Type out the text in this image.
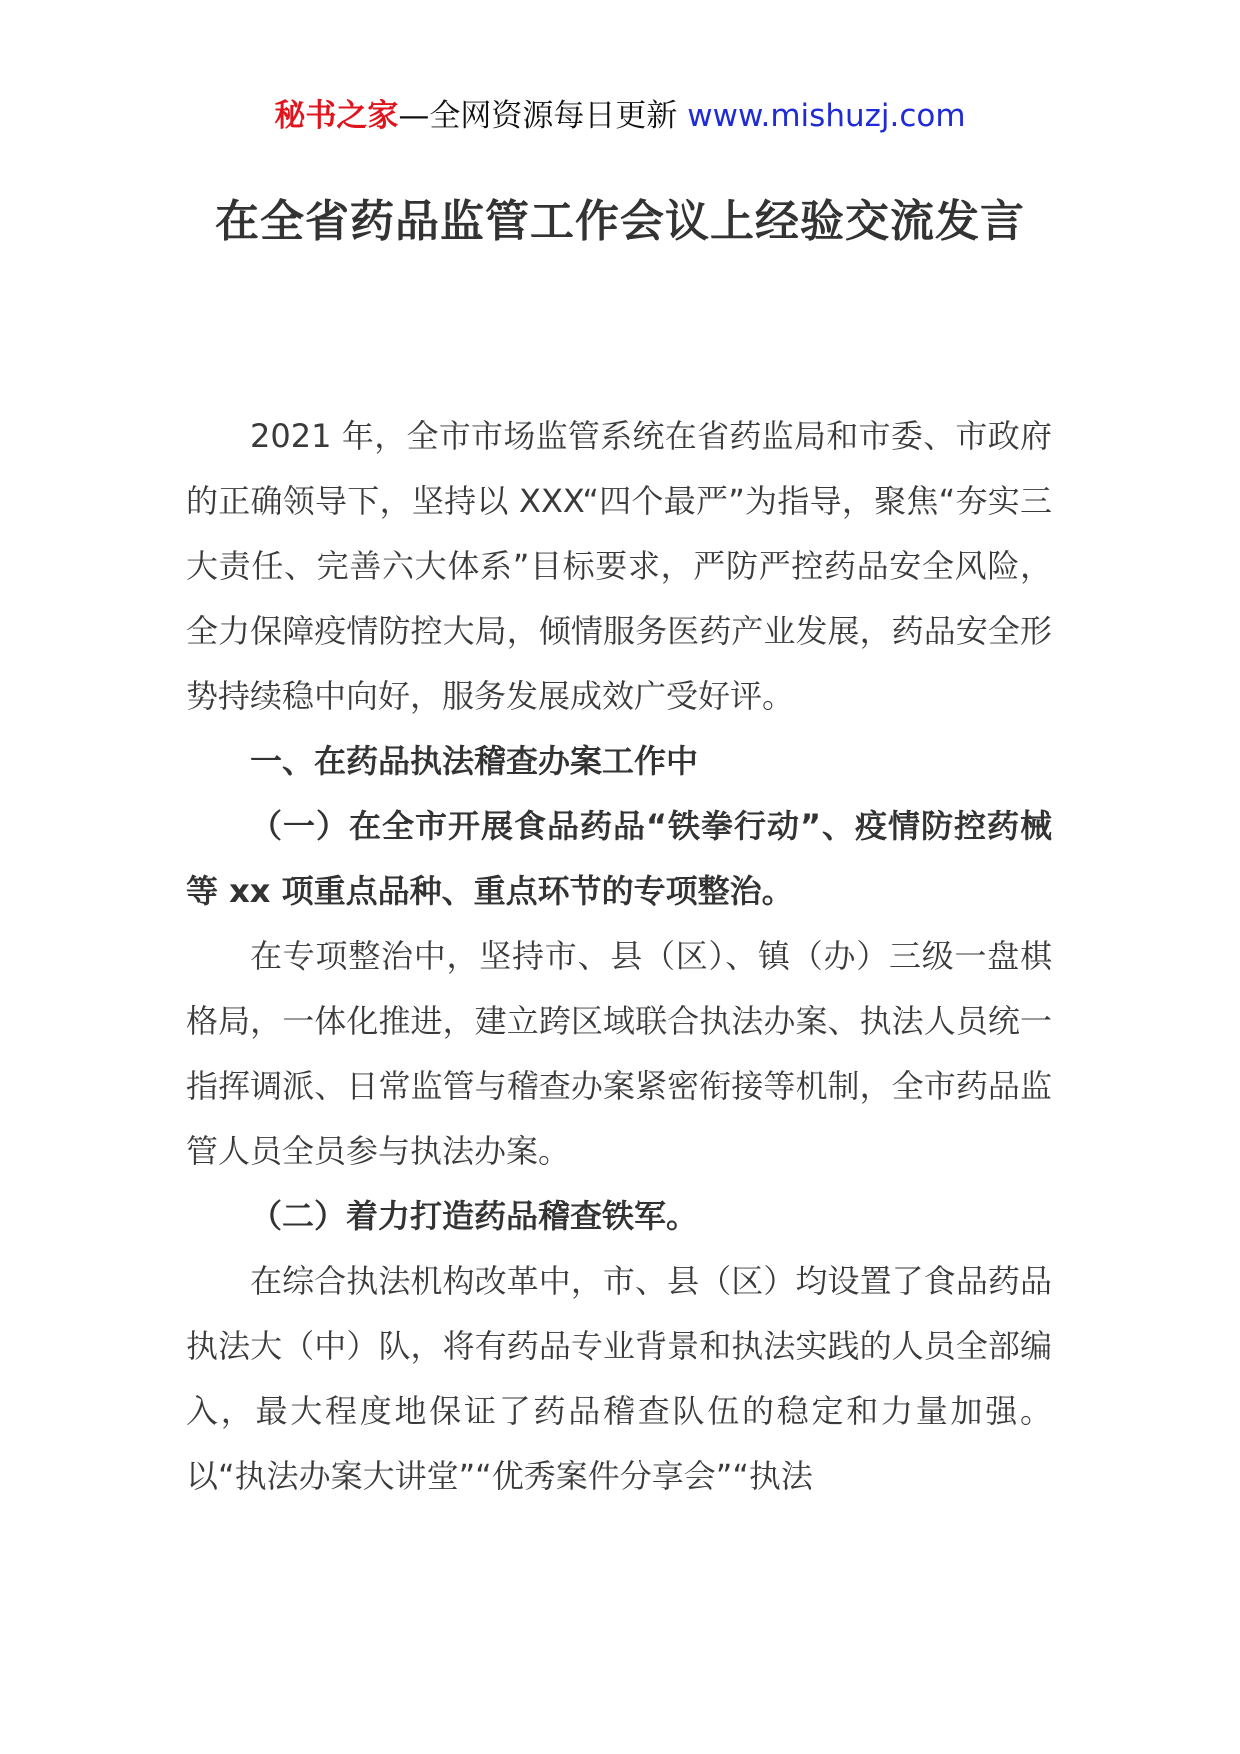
秘书之家—全网资源每日更新 www.mishuzj.com
在全省药品监管工作会议上经验交流发言

2021 年，全市市场监管系统在省药监局和市委、市政府的正确领导下，坚持以 XXX“四个最严”为指导，聚焦“夯实三大责任、完善六大体系”目标要求，严防严控药品安全风险，全力保障疫情防控大局，倾情服务医药产业发展，药品安全形势持续稳中向好，服务发展成效广受好评。

一、在药品执法稽查办案工作中

（一）在全市开展食品药品“铁拳行动”、疫情防控药械等 xx 项重点品种、重点环节的专项整治。

在专项整治中，坚持市、县（区）、镇（办）三级一盘棋格局，一体化推进，建立跨区域联合执法办案、执法人员统一指挥调派、日常监管与稽查办案紧密衔接等机制，全市药品监管人员全员参与执法办案。

（二）着力打造药品稽查铁军。

在综合执法机构改革中，市、县（区）均设置了食品药品执法大（中）队，将有药品专业背景和执法实践的人员全部编入，最大程度地保证了药品稽查队伍的稳定和力量加强。以“执法办案大讲堂”“优秀案件分享会”“执法
